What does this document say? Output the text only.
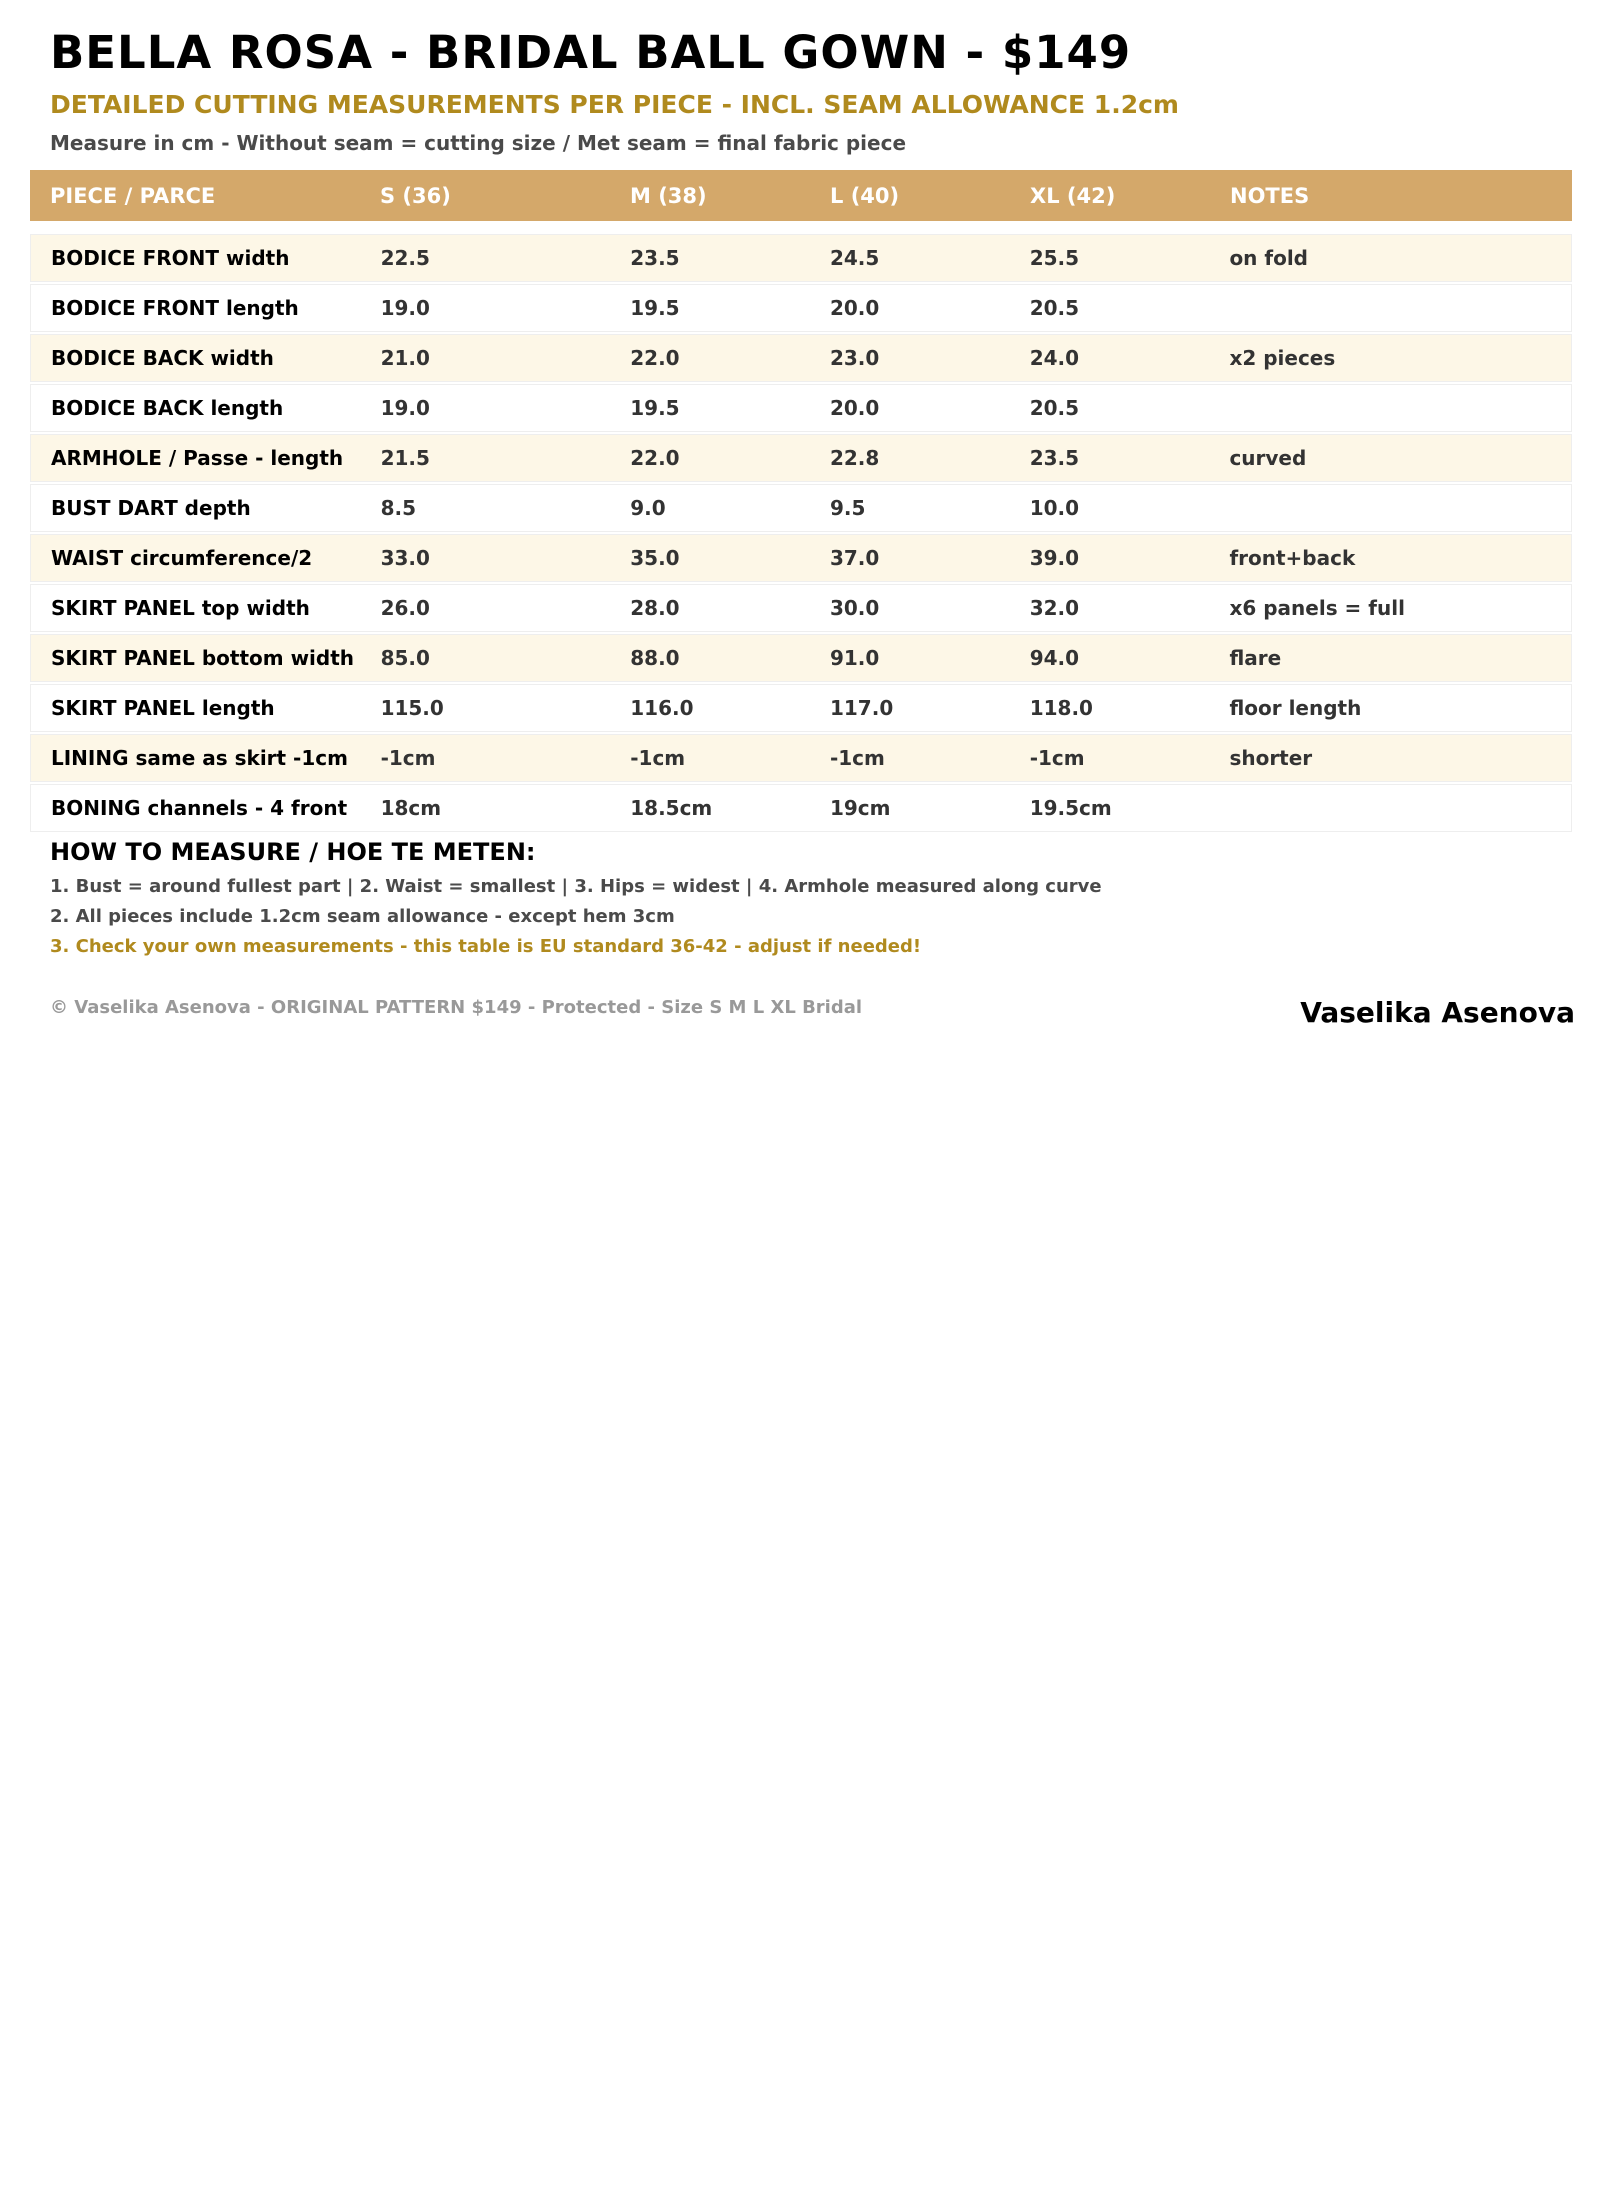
BELLA ROSA - BRIDAL BALL GOWN - $149
DETAILED CUTTING MEASUREMENTS PER PIECE - INCL. SEAM ALLOWANCE 1.2cm
Measure in cm - Without seam = cutting size / Met seam = final fabric piece
PIECE / PARCE	S (36)	M (38)	L (40)	XL (42)	NOTES
BODICE FRONT width	22.5	23.5	24.5	25.5	on fold
BODICE FRONT length	19.0	19.5	20.0	20.5
BODICE BACK width	21.0	22.0	23.0	24.0	x2 pieces
BODICE BACK length	19.0	19.5	20.0	20.5
ARMHOLE / Passe - length	21.5	22.0	22.8	23.5	curved
BUST DART depth	8.5	9.0	9.5	10.0
WAIST circumference/2	33.0	35.0	37.0	39.0	front+back
SKIRT PANEL top width	26.0	28.0	30.0	32.0	x6 panels = full
SKIRT PANEL bottom width	85.0	88.0	91.0	94.0	flare
SKIRT PANEL length	115.0	116.0	117.0	118.0	floor length
LINING same as skirt -1cm	-1cm	-1cm	-1cm	-1cm	shorter
BONING channels - 4 front	18cm	18.5cm	19cm	19.5cm
HOW TO MEASURE / HOE TE METEN:
1. Bust = around fullest part | 2. Waist = smallest | 3. Hips = widest | 4. Armhole measured along curve
2. All pieces include 1.2cm seam allowance - except hem 3cm
3. Check your own measurements - this table is EU standard 36-42 - adjust if needed!
© Vaselika Asenova - ORIGINAL PATTERN $149 - Protected - Size S M L XL Bridal	Vaselika Asenova
